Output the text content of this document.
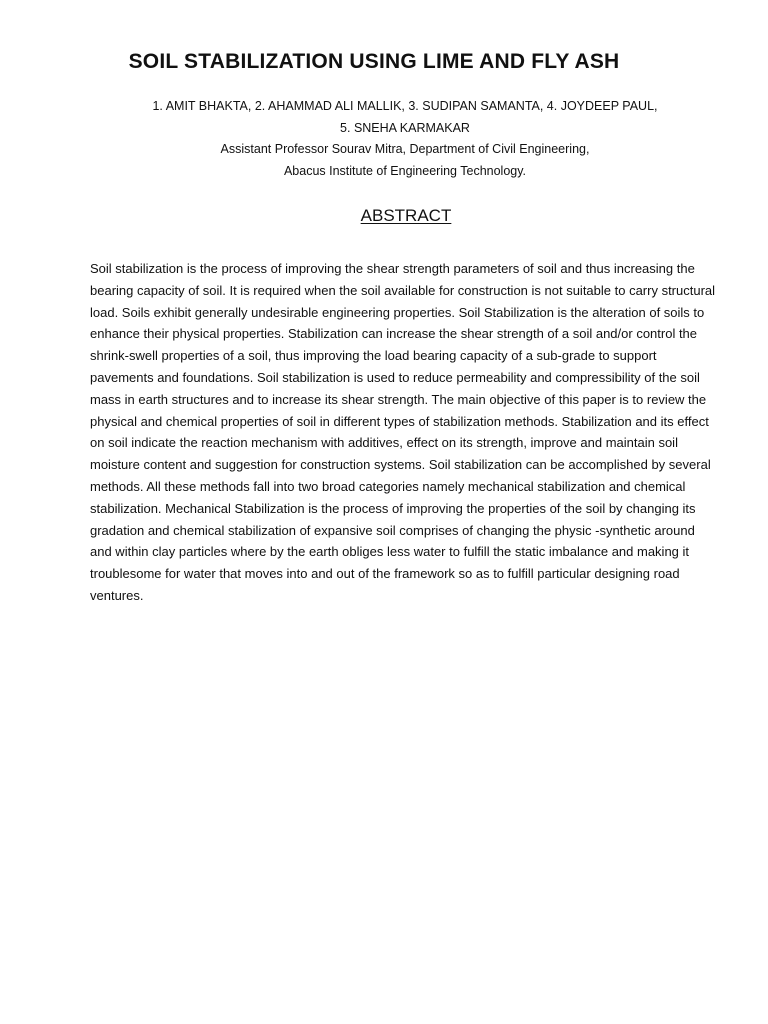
SOIL STABILIZATION USING LIME AND FLY ASH
1. AMIT BHAKTA, 2. AHAMMAD ALI MALLIK, 3. SUDIPAN SAMANTA, 4. JOYDEEP PAUL,
5. SNEHA KARMAKAR
Assistant Professor Sourav Mitra, Department of Civil Engineering,
Abacus Institute of Engineering Technology.
ABSTRACT

Soil stabilization is the process of improving the shear strength parameters of soil and thus increasing the bearing capacity of soil. It is required when the soil available for construction is not suitable to carry structural load. Soils exhibit generally undesirable engineering properties. Soil Stabilization is the alteration of soils to enhance their physical properties. Stabilization can increase the shear strength of a soil and/or control the shrink-swell properties of a soil, thus improving the load bearing capacity of a sub-grade to support pavements and foundations. Soil stabilization is used to reduce permeability and compressibility of the soil mass in earth structures and to increase its shear strength. The main objective of this paper is to review the physical and chemical properties of soil in different types of stabilization methods. Stabilization and its effect on soil indicate the reaction mechanism with additives, effect on its strength, improve and maintain soil moisture content and suggestion for construction systems. Soil stabilization can be accomplished by several methods. All these methods fall into two broad categories namely mechanical stabilization and chemical stabilization. Mechanical Stabilization is the process of improving the properties of the soil by changing its gradation and chemical stabilization of expansive soil comprises of changing the physic -synthetic around and within clay particles where by the earth obliges less water to fulfill the static imbalance and making it troublesome for water that moves into and out of the framework so as to fulfill particular designing road ventures.
